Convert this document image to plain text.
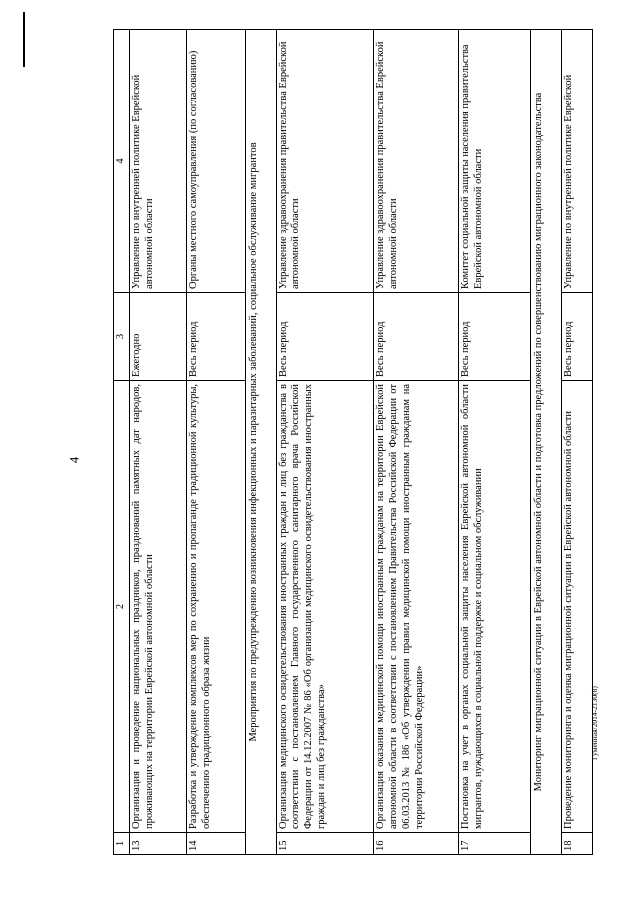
4
Гуменная/2014-2130(8)
1	2	3	4
13	Организация и проведение национальных праздников, празднований памятных дат народов, проживающих на территории Еврейской автономной области	Ежегодно	Управление по внутренней политике Еврейской автономной области
14	Разработка и утверждение комплексов мер по сохранению и пропаганде традиционной культуры, обеспечению традиционного образа жизни	Весь период	Органы местного самоуправления (по согласованию)
Мероприятия по предупреждению возникновения инфекционных и паразитарных заболеваний, социальное обслуживание мигрантов			
15	Организация медицинского освидетельствования иностранных граждан и лиц без гражданства в соответствии с постановлением Главного государственного санитарного врача Российской Федерации от 14.12.2007 № 86 «Об организации медицинского освидетельствования иностранных граждан и лиц без гражданства»	Весь период	Управление здравоохранения правительства Еврейской автономной области
16	Организация оказания медицинской помощи иностранным гражданам на территории Еврейской автономной области в соответствии с постановлением Правительства Российской Федерации от 06.03.2013 № 186 «Об утверждении правил медицинской помощи иностранным гражданам на территории Российской Федерации»	Весь период	Управление здравоохранения правительства Еврейской автономной области
17	Постановка на учет в органах социальной защиты населения Еврейской автономной области мигрантов, нуждающихся в социальной поддержке и социальном обслуживании	Весь период	Комитет социальной защиты населения правительства Еврейской автономной области
Мониторинг миграционной ситуации в Еврейской автономной области и подготовка предложений по совершенствованию миграционного законодательства			
18	Проведение мониторинга и оценка миграционной ситуации в Еврейской автономной области	Весь период	Управление по внутренней политике Еврейской
